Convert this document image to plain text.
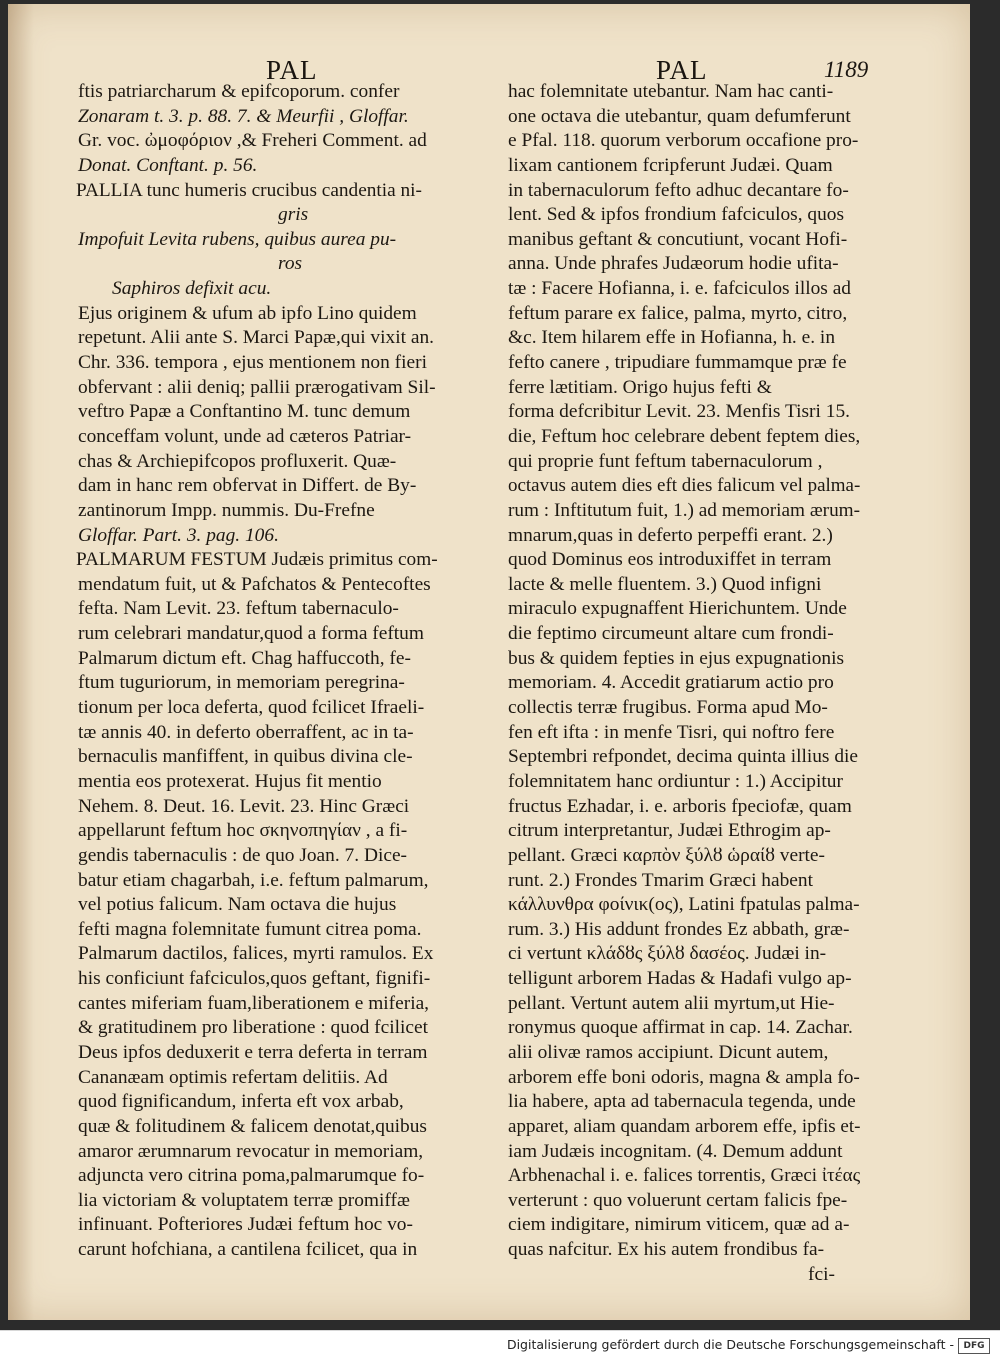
PAL	PAL	1189
ftis patriarcharum & epifcoporum. confer
Zonaram t. 3. p. 88. 7. & Meurfii , Gloffar.
Gr. voc. ὠμοφόριον ,& Freheri Comment. ad
Donat. Conftant. p. 56.
PALLIA tunc humeris crucibus candentia ni-
gris
Impofuit Levita rubens, quibus aurea pu-
ros
Saphiros defixit acu.
Ejus originem & ufum ab ipfo Lino quidem
repetunt. Alii ante S. Marci Papæ,qui vixit an.
Chr. 336. tempora , ejus mentionem non fieri
obfervant : alii deniq; pallii prærogativam Sil-
veftro Papæ a Conftantino M. tunc demum
conceffam volunt, unde ad cæteros Patriar-
chas & Archiepifcopos profluxerit. Quæ-
dam in hanc rem obfervat in Differt. de By-
zantinorum Impp. nummis. Du-Frefne
Gloffar. Part. 3. pag. 106.
PALMARUM FESTUM Judæis primitus com-
mendatum fuit, ut & Pafchatos & Pentecoftes
fefta. Nam Levit. 23. feftum tabernaculo-
rum celebrari mandatur,quod a forma feftum
Palmarum dictum eft. Chag haffuccoth, fe-
ftum tuguriorum, in memoriam peregrina-
tionum per loca deferta, quod fcilicet Ifraeli-
tæ annis 40. in deferto oberraffent, ac in ta-
bernaculis manfiffent, in quibus divina cle-
mentia eos protexerat. Hujus fit mentio
Nehem. 8. Deut. 16. Levit. 23. Hinc Græci
appellarunt feftum hoc σκηνοπηγίαν , a fi-
gendis tabernaculis : de quo Joan. 7. Dice-
batur etiam chagarbah, i.e. feftum palmarum,
vel potius falicum. Nam octava die hujus
fefti magna folemnitate fumunt citrea poma.
Palmarum dactilos, falices, myrti ramulos. Ex
his conficiunt fafciculos,quos geftant, fignifi-
cantes miferiam fuam,liberationem e miferia,
& gratitudinem pro liberatione : quod fcilicet
Deus ipfos deduxerit e terra deferta in terram
Cananæam optimis refertam delitiis. Ad
quod fignificandum, inferta eft vox arbab,
quæ & folitudinem & falicem denotat,quibus
amaror ærumnarum revocatur in memoriam,
adjuncta vero citrina poma,palmarumque fo-
lia victoriam & voluptatem terræ promiffæ
infinuant. Pofteriores Judæi feftum hoc vo-
carunt hofchiana, a cantilena fcilicet, qua in
hac folemnitate utebantur. Nam hac canti-
one octava die utebantur, quam defumferunt
e Pfal. 118. quorum verborum occafione pro-
lixam cantionem fcripferunt Judæi. Quam
in tabernaculorum fefto adhuc decantare fo-
lent. Sed & ipfos frondium fafciculos, quos
manibus geftant & concutiunt, vocant Hofi-
anna. Unde phrafes Judæorum hodie ufita-
tæ : Facere Hofianna, i. e. fafciculos illos ad
feftum parare ex falice, palma, myrto, citro,
&c. Item hilarem effe in Hofianna, h. e. in
fefto canere , tripudiare fummamque præ fe
ferre lætitiam. Origo hujus fefti &
forma defcribitur Levit. 23. Menfis Tisri 15.
die, Feftum hoc celebrare debent feptem dies,
qui proprie funt feftum tabernaculorum ,
octavus autem dies eft dies falicum vel palma-
rum : Inftitutum fuit, 1.) ad memoriam ærum-
mnarum,quas in deferto perpeffi erant. 2.)
quod Dominus eos introduxiffet in terram
lacte & melle fluentem. 3.) Quod infigni
miraculo expugnaffent Hierichuntem. Unde
die feptimo circumeunt altare cum frondi-
bus & quidem fepties in ejus expugnationis
memoriam. 4. Accedit gratiarum actio pro
collectis terræ frugibus. Forma apud Mo-
fen eft ifta : in menfe Tisri, qui noftro fere
Septembri refpondet, decima quinta illius die
folemnitatem hanc ordiuntur : 1.) Accipitur
fructus Ezhadar, i. e. arboris fpeciofæ, quam
citrum interpretantur, Judæi Ethrogim ap-
pellant. Græci καρπὸν ξύλȣ ὡραίȣ verte-
runt. 2.) Frondes Tmarim Græci habent
κάλλυνθρα φοίνικ(ος), Latini fpatulas palma-
rum. 3.) His addunt frondes Ez abbath, græ-
ci vertunt κλάδȣς ξύλȣ δασέος. Judæi in-
telligunt arborem Hadas & Hadafi vulgo ap-
pellant. Vertunt autem alii myrtum,ut Hie-
ronymus quoque affirmat in cap. 14. Zachar.
alii olivæ ramos accipiunt. Dicunt autem,
arborem effe boni odoris, magna & ampla fo-
lia habere, apta ad tabernacula tegenda, unde
apparet, aliam quandam arborem effe, ipfis et-
iam Judæis incognitam. (4. Demum addunt
Arbhenachal i. e. falices torrentis, Græci ἰτέας
verterunt : quo voluerunt certam falicis fpe-
ciem indigitare, nimirum viticem, quæ ad a-
quas nafcitur. Ex his autem frondibus fa-
fci-
Digitalisierung gefördert durch die Deutsche Forschungsgemeinschaft -	DFG
